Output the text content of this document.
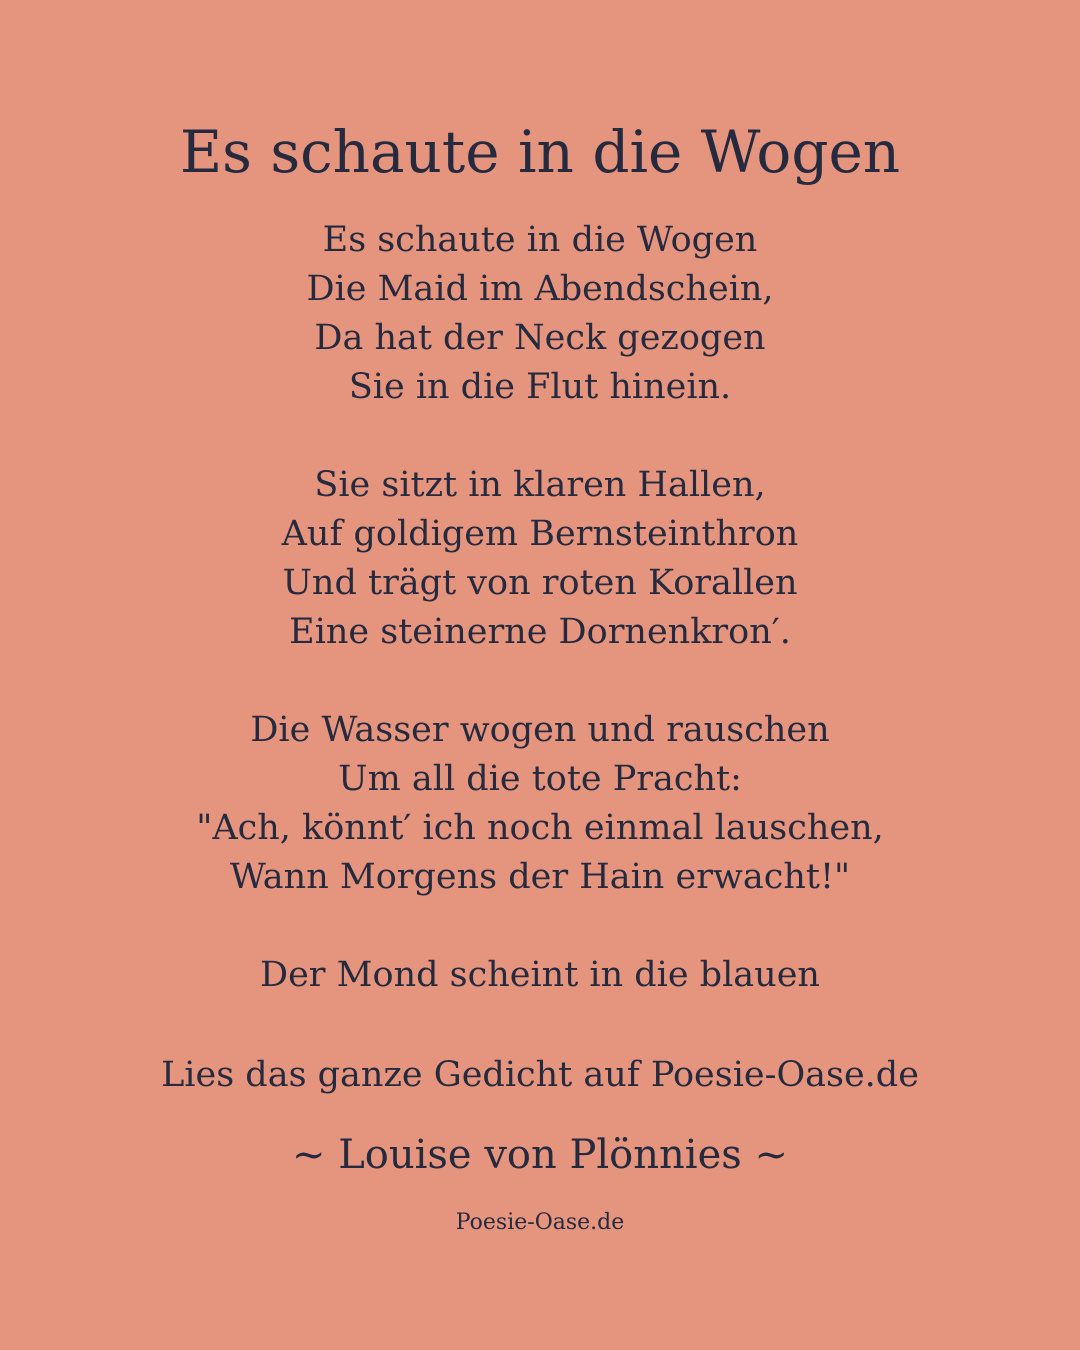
Es schaute in die Wogen
Es schaute in die Wogen
Die Maid im Abendschein,
Da hat der Neck gezogen
Sie in die Flut hinein.
Sie sitzt in klaren Hallen,
Auf goldigem Bernsteinthron
Und trägt von roten Korallen
Eine steinerne Dornenkron′.
Die Wasser wogen und rauschen
Um all die tote Pracht:
"Ach, könnt′ ich noch einmal lauschen,
Wann Morgens der Hain erwacht!"
Der Mond scheint in die blauen
Lies das ganze Gedicht auf Poesie-Oase.de
~ Louise von Plönnies ~
Poesie-Oase.de
